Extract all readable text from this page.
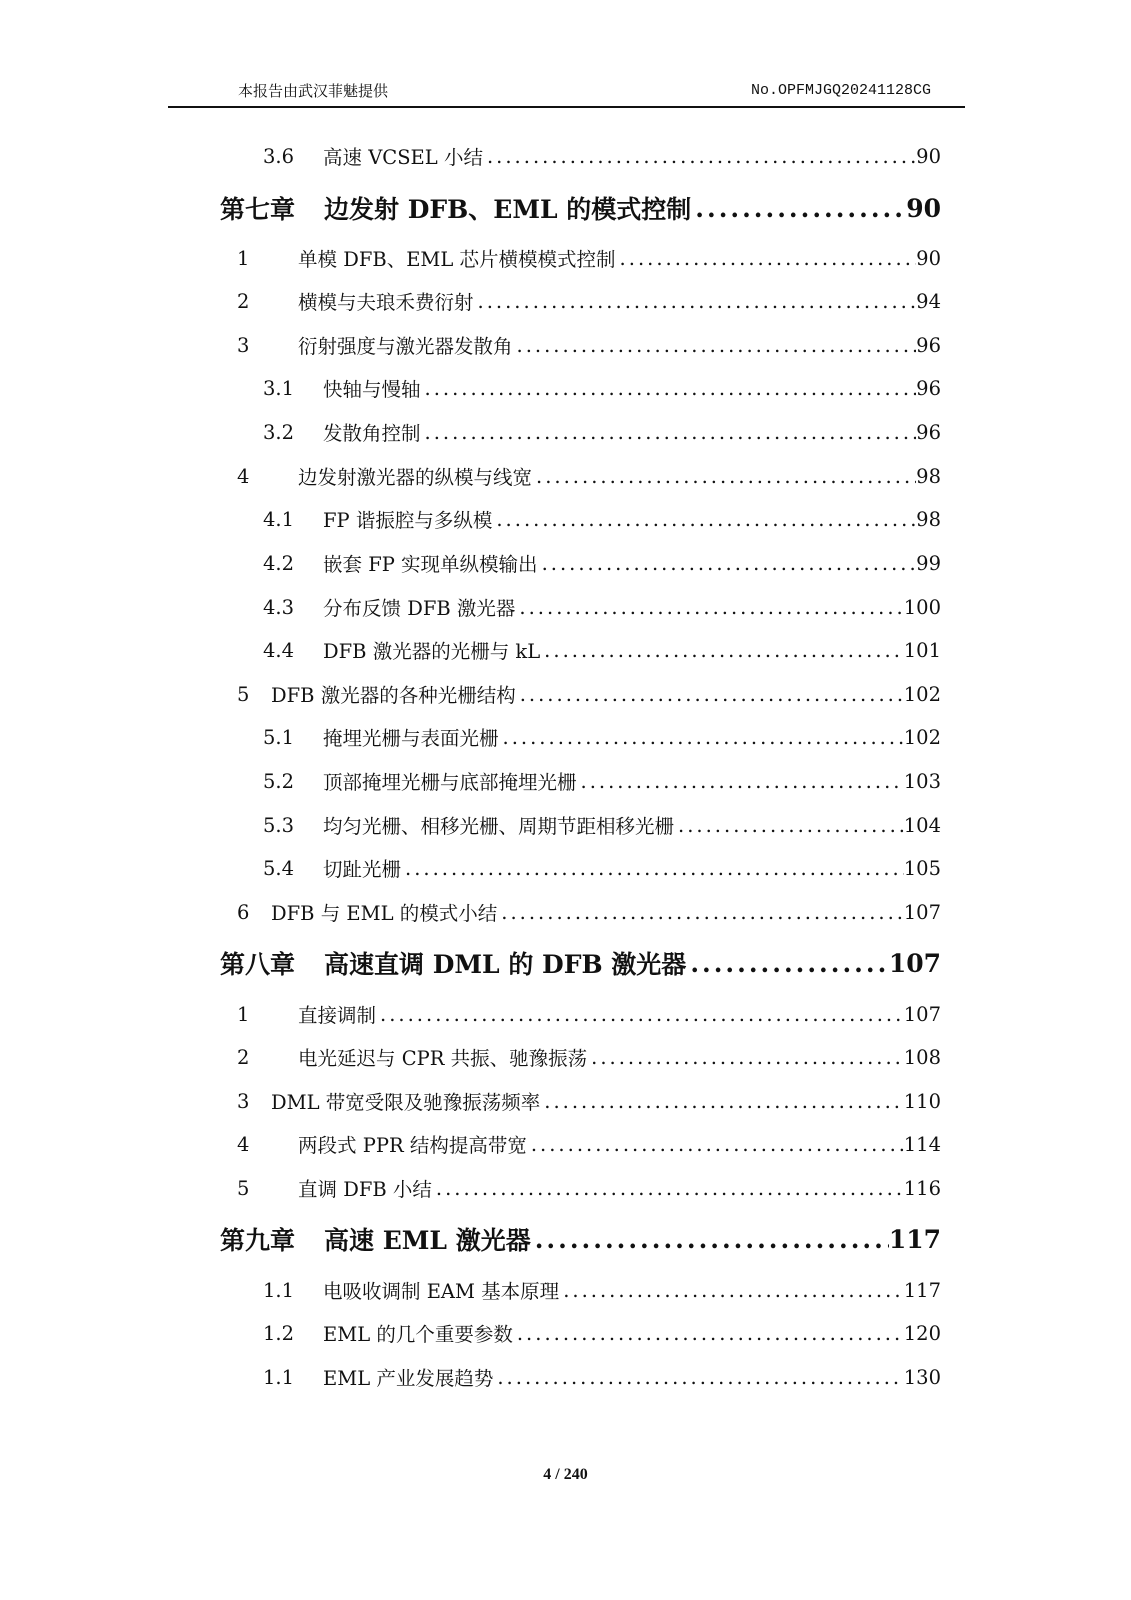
本报告由武汉菲魅提供	No.OPFMJGQ20241128CG
3.6	高速 VCSEL 小结 .....	90
第七章	边发射 DFB、EML 的模式控制 .....	90
1	单模 DFB、EML 芯片横模模式控制 .....	90
2	横模与夫琅禾费衍射 .....	94
3	衍射强度与激光器发散角 .....	96
3.1	快轴与慢轴 .....	96
3.2	发散角控制 .....	96
4	边发射激光器的纵模与线宽 .....	98
4.1	FP 谐振腔与多纵模 .....	98
4.2	嵌套 FP 实现单纵模输出 .....	99
4.3	分布反馈 DFB 激光器 .....	100
4.4	DFB 激光器的光栅与 kL .....	101
5	DFB 激光器的各种光栅结构 .....	102
5.1	掩埋光栅与表面光栅 .....	102
5.2	顶部掩埋光栅与底部掩埋光栅 .....	103
5.3	均匀光栅、相移光栅、周期节距相移光栅 .....	104
5.4	切趾光栅 .....	105
6	DFB 与 EML 的模式小结 .....	107
第八章	高速直调 DML 的 DFB 激光器 .....	107
1	直接调制 .....	107
2	电光延迟与 CPR 共振、驰豫振荡 .....	108
3	DML 带宽受限及驰豫振荡频率 .....	110
4	两段式 PPR 结构提高带宽 .....	114
5	直调 DFB 小结 .....	116
第九章	高速 EML 激光器 .....	117
1.1	电吸收调制 EAM 基本原理 .....	117
1.2	EML 的几个重要参数 .....	120
1.1	EML 产业发展趋势 .....	130
4 / 240
